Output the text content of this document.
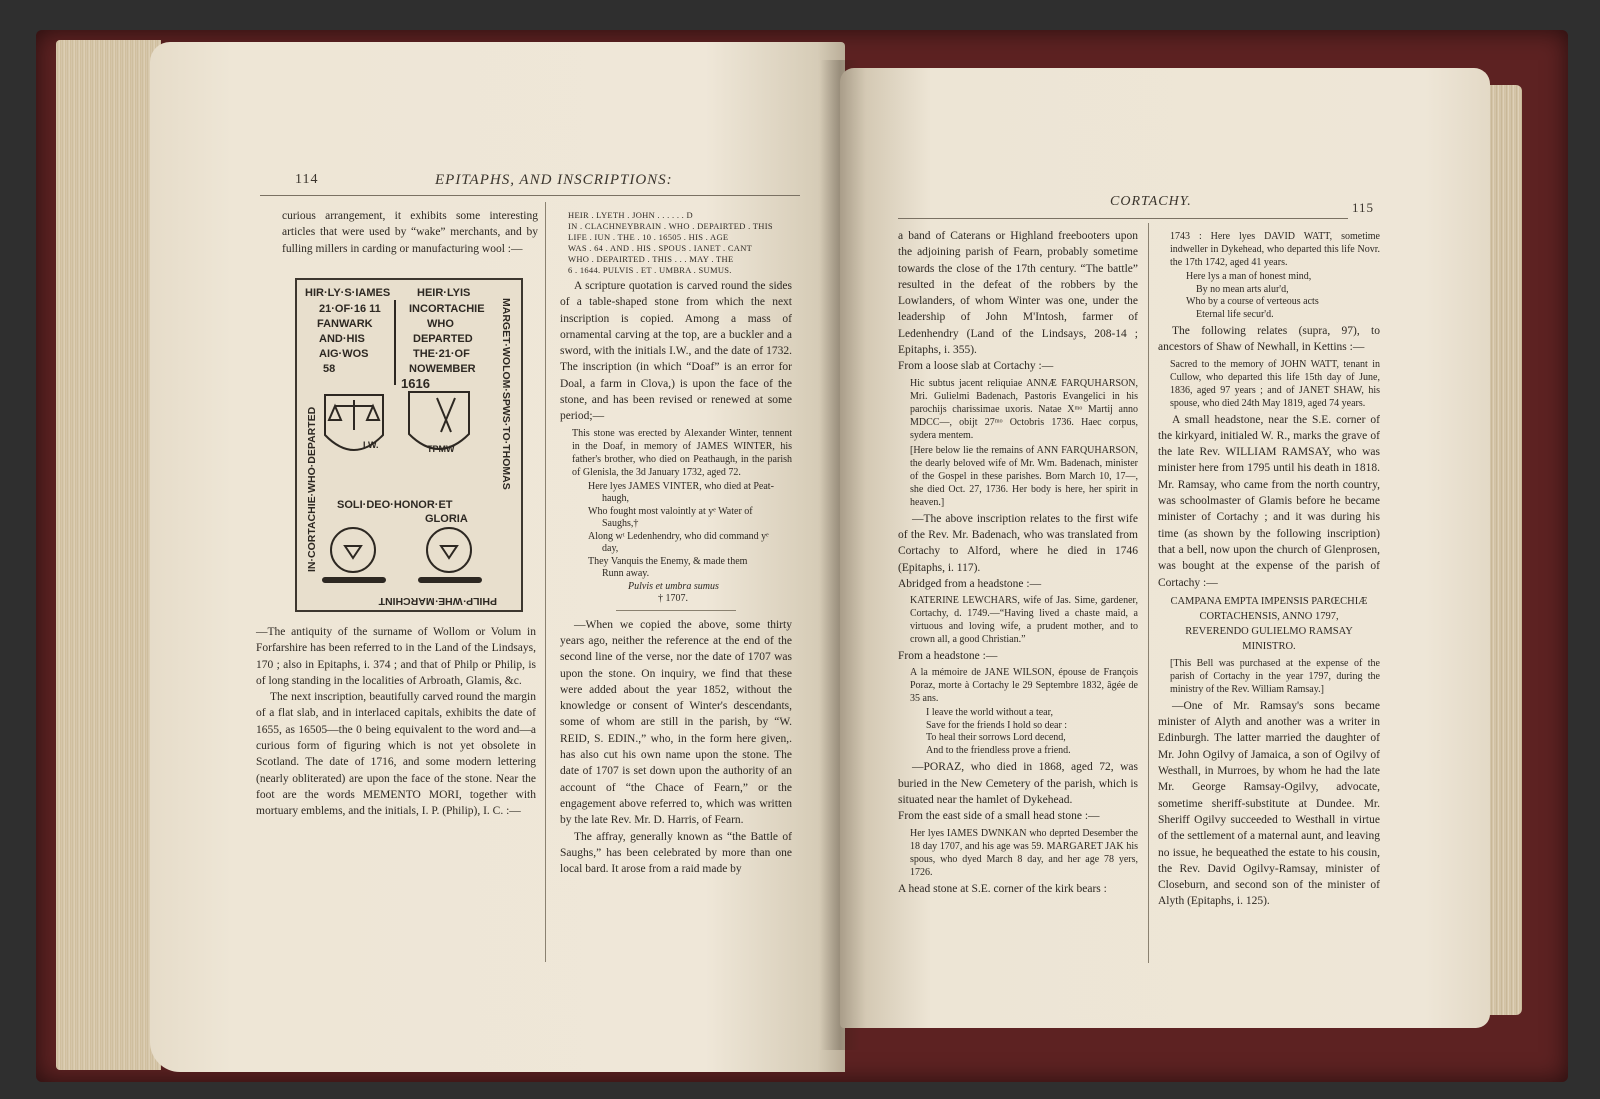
114	EPITAPHS, AND INSCRIPTIONS:

curious arrangement, it exhibits some interesting articles that were used by “wake” merchants, and by fulling millers in carding or manufacturing wool :—

—The antiquity of the surname of Wollom or Volum in Forfarshire has been referred to in the Land of the Lindsays, 170 ; also in Epitaphs, i. 374 ; and that of Philp or Philip, is of long standing in the localities of Arbroath, Glamis, &c.

The next inscription, beautifully carved round the margin of a flat slab, and in interlaced capitals, exhibits the date of 1655, as 16505—the 0 being equivalent to the word and—a curious form of figuring which is not yet obsolete in Scotland. The date of 1716, and some modern lettering (nearly obliterated) are upon the face of the stone. Near the foot are the words MEMENTO MORI, together with mortuary emblems, and the initials, I. P. (Philip), I. C. :—

HEIR . LYETH . JOHN . . . . . . D
IN . CLACHNEYBRAIN . WHO . DEPAIRTED . THIS
LIFE . IUN . THE . 10 . 16505 . HIS . AGE
WAS . 64 . AND . HIS . SPOUS . IANET . CANT
WHO . DEPAIRTED . THIS . . . MAY . THE
6 . 1644. PULVIS . ET . UMBRA . SUMUS.

A scripture quotation is carved round the sides of a table-shaped stone from which the next inscription is copied. Among a mass of ornamental carving at the top, are a buckler and a sword, with the initials I.W., and the date of 1732. The inscription (in which “Doaf” is an error for Doal, a farm in Clova,) is upon the face of the stone, and has been revised or renewed at some period;—

This stone was erected by Alexander Winter, tennent in the Doaf, in memory of JAMES WINTER, his father's brother, who died on Peathaugh, in the parish of Glenisla, the 3d January 1732, aged 72.

Here lyes JAMES VINTER, who died at Peat-
haugh,
Who fought most valointly at yᵉ Water of
Saughs,†
Along wᵗ Ledenhendry, who did command yᵉ
day,
They Vanquis the Enemy, & made them
Runn away.
Pulvis et umbra sumus
† 1707.

—When we copied the above, some thirty years ago, neither the reference at the end of the second line of the verse, nor the date of 1707 was upon the stone. On inquiry, we find that these were added about the year 1852, without the knowledge or consent of Winter's descendants, some of whom are still in the parish, by “W. REID, S. EDIN.,” who, in the form here given,. has also cut his own name upon the stone. The date of 1707 is set down upon the authority of an account of “the Chace of Fearn,” or the engagement above referred to, which was written by the late Rev. Mr. D. Harris, of Fearn.

The affray, generally known as “the Battle of Saughs,” has been celebrated by more than one local bard. It arose from a raid made by

HIR·LY·S·IAMES HEIR·LYIS
21·OF·16 11	INCORTACHIE
FANWARK	WHO
AND·HIS	DEPARTED
AIG·WOS	THE·21·OF
58	NOWEMBER
1616
SOLI·DEO·HONOR·ET
GLORIA
I.W.	TPMW
IN·CORTACHIE·WHO·DEPARTED	MARGET·WOLOM·SPWS·TO·THOMAS
PHILP·WHE·MARCHINT
CORTACHY.	115

a band of Caterans or Highland freebooters upon the adjoining parish of Fearn, probably sometime towards the close of the 17th century. “The battle” resulted in the defeat of the robbers by the Lowlanders, of whom Winter was one, under the leadership of John M'Intosh, farmer of Ledenhendry (Land of the Lindsays, 208-14 ; Epitaphs, i. 355).

From a loose slab at Cortachy :—

Hic subtus jacent reliquiae ANNÆ FARQUHARSON, Mri. Gulielmi Badenach, Pastoris Evangelici in his parochijs charissimae uxoris. Natae Xᵐᵒ Martij anno MDCC—, obijt 27ᵐᵒ Octobris 1736. Haec corpus, sydera mentem.

[Here below lie the remains of ANN FARQUHARSON, the dearly beloved wife of Mr. Wm. Badenach, minister of the Gospel in these parishes. Born March 10, 17—, she died Oct. 27, 1736. Her body is here, her spirit in heaven.]

—The above inscription relates to the first wife of the Rev. Mr. Badenach, who was translated from Cortachy to Alford, where he died in 1746 (Epitaphs, i. 117).

Abridged from a headstone :—

KATERINE LEWCHARS, wife of Jas. Sime, gardener, Cortachy, d. 1749.—“Having lived a chaste maid, a virtuous and loving wife, a prudent mother, and to crown all, a good Christian.”

From a headstone :—

A la mémoire de JANE WILSON, épouse de François Poraz, morte à Cortachy le 29 Septembre 1832, âgée de 35 ans.

I leave the world without a tear,
Save for the friends I hold so dear :
To heal their sorrows Lord decend,
And to the friendless prove a friend.

—PORAZ, who died in 1868, aged 72, was buried in the New Cemetery of the parish, which is situated near the hamlet of Dykehead.

From the east side of a small head stone :—

Her lyes IAMES DWNKAN who deprted Desember the 18 day 1707, and his age was 59. MARGARET JAK his spous, who dyed March 8 day, and her age 78 yers, 1726.

A head stone at S.E. corner of the kirk bears :

1743 : Here lyes DAVID WATT, sometime indweller in Dykehead, who departed this life Novr. the 17th 1742, aged 41 years.

Here lys a man of honest mind,
By no mean arts alur'd,
Who by a course of verteous acts
Eternal life secur'd.

The following relates (supra, 97), to ancestors of Shaw of Newhall, in Kettins :—

Sacred to the memory of JOHN WATT, tenant in Cullow, who departed this life 15th day of June, 1836, aged 97 years ; and of JANET SHAW, his spouse, who died 24th May 1819, aged 74 years.

A small headstone, near the S.E. corner of the kirkyard, initialed W. R., marks the grave of the late Rev. WILLIAM RAMSAY, who was minister here from 1795 until his death in 1818. Mr. Ramsay, who came from the north country, was schoolmaster of Glamis before he became minister of Cortachy ; and it was during his time (as shown by the following inscription) that a bell, now upon the church of Glenprosen, was bought at the expense of the parish of Cortachy :—

CAMPANA EMPTA IMPENSIS PARŒCHIÆ
CORTACHENSIS, ANNO 1797,
REVERENDO GULIELMO RAMSAY
MINISTRO.

[This Bell was purchased at the expense of the parish of Cortachy in the year 1797, during the ministry of the Rev. William Ramsay.]

—One of Mr. Ramsay's sons became minister of Alyth and another was a writer in Edinburgh. The latter married the daughter of Mr. John Ogilvy of Jamaica, a son of Ogilvy of Westhall, in Murroes, by whom he had the late Mr. George Ramsay-Ogilvy, advocate, sometime sheriff-substitute at Dundee. Mr. Sheriff Ogilvy succeeded to Westhall in virtue of the settlement of a maternal aunt, and leaving no issue, he bequeathed the estate to his cousin, the Rev. David Ogilvy-Ramsay, minister of Closeburn, and second son of the minister of Alyth (Epitaphs, i. 125).
